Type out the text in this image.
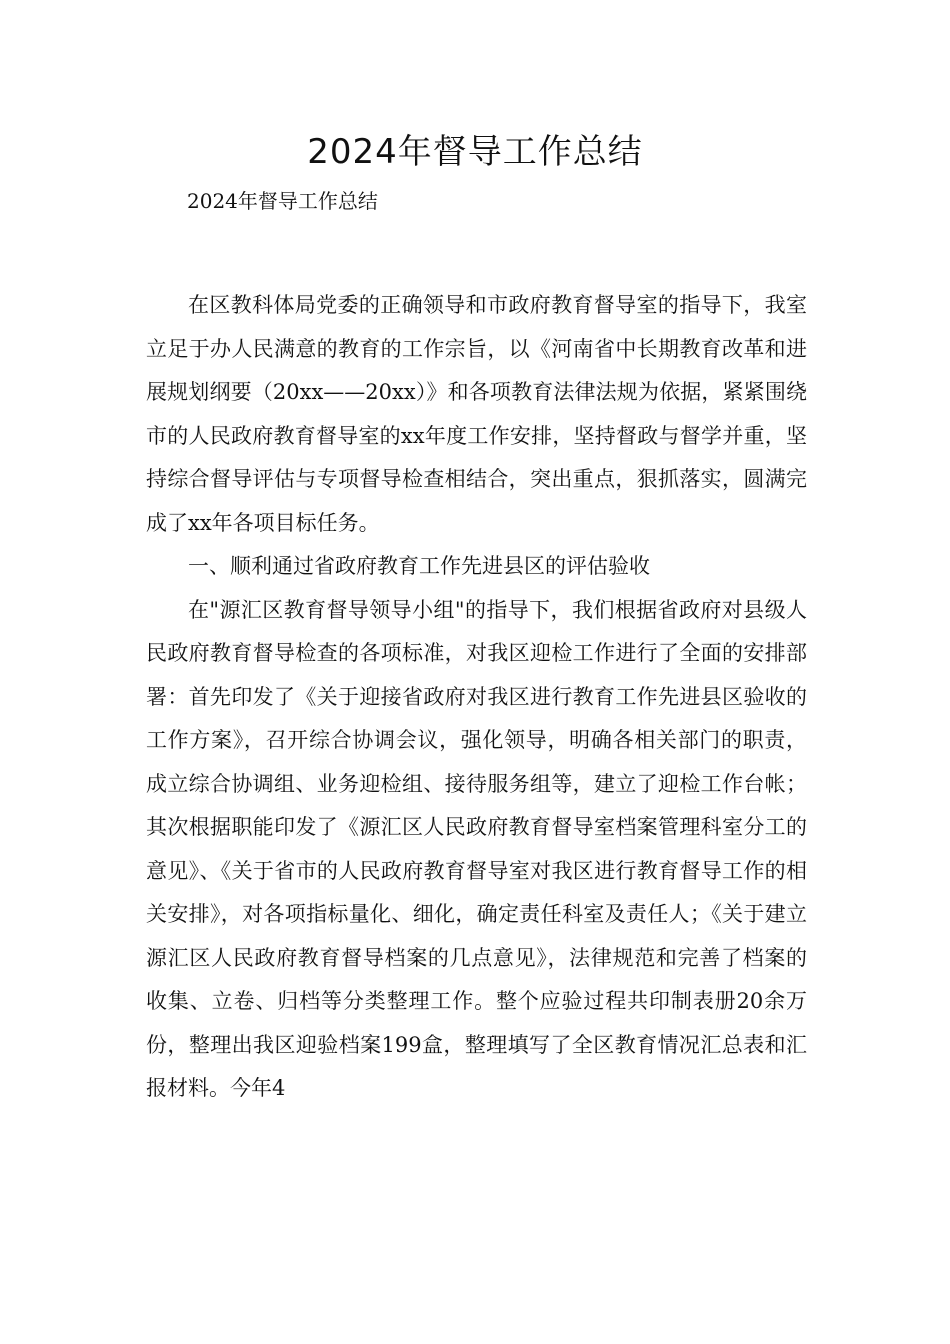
2024年督导工作总结
2024年督导工作总结

在区教科体局党委的正确领导和市政府教育督导室的指导下，我室立足于办人民满意的教育的工作宗旨，以《河南省中长期教育改革和进展规划纲要（20xx——20xx）》和各项教育法律法规为依据，紧紧围绕市的人民政府教育督导室的xx年度工作安排，坚持督政与督学并重，坚持综合督导评估与专项督导检查相结合，突出重点，狠抓落实，圆满完成了xx年各项目标任务。

一、顺利通过省政府教育工作先进县区的评估验收

在"源汇区教育督导领导小组"的指导下，我们根据省政府对县级人民政府教育督导检查的各项标准，对我区迎检工作进行了全面的安排部署：首先印发了《关于迎接省政府对我区进行教育工作先进县区验收的工作方案》，召开综合协调会议，强化领导，明确各相关部门的职责，成立综合协调组、业务迎检组、接待服务组等，建立了迎检工作台帐；其次根据职能印发了《源汇区人民政府教育督导室档案管理科室分工的意见》、《关于省市的人民政府教育督导室对我区进行教育督导工作的相关安排》，对各项指标量化、细化，确定责任科室及责任人；《关于建立源汇区人民政府教育督导档案的几点意见》，法律规范和完善了档案的收集、立卷、归档等分类整理工作。整个应验过程共印制表册20余万份，整理出我区迎验档案199盒，整理填写了全区教育情况汇总表和汇报材料。今年4
